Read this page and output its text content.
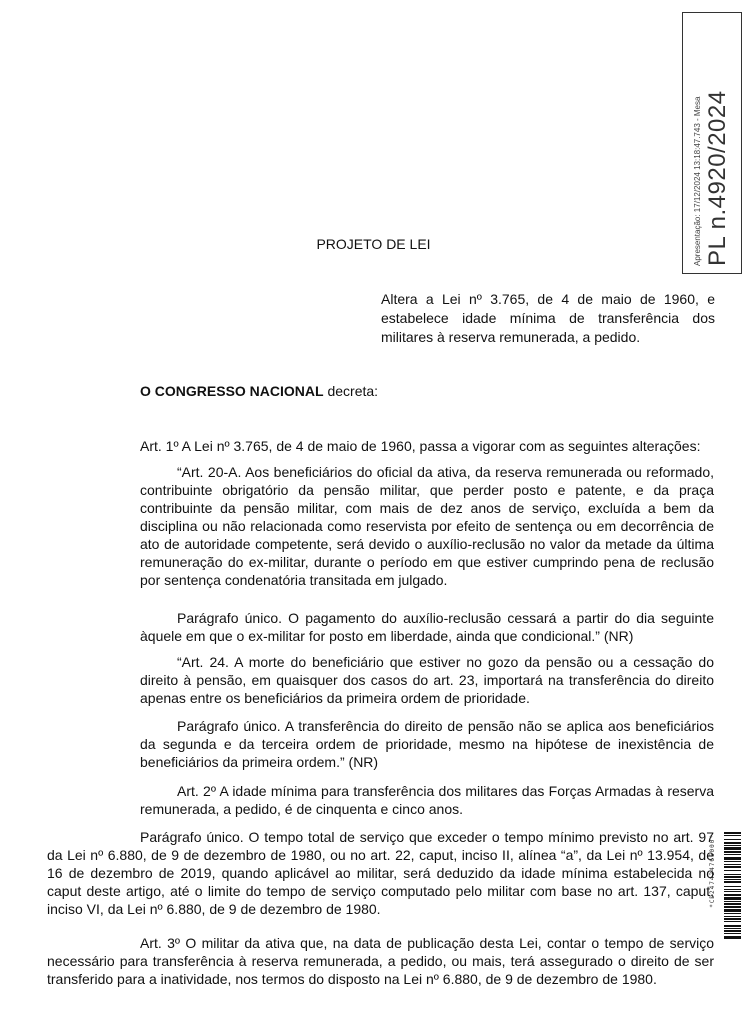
Apresentação: 17/12/2024 13:18:47.743 - Mesa PL n.4920/2024
PROJETO DE LEI
Altera a Lei nº 3.765, de 4 de maio de 1960, e estabelece idade mínima de transferência dos militares à reserva remunerada, a pedido.
O CONGRESSO NACIONAL decreta:
Art. 1º A Lei nº 3.765, de 4 de maio de 1960, passa a vigorar com as seguintes alterações:
“Art. 20-A. Aos beneficiários do oficial da ativa, da reserva remunerada ou reformado, contribuinte obrigatório da pensão militar, que perder posto e patente, e da praça contribuinte da pensão militar, com mais de dez anos de serviço, excluída a bem da disciplina ou não relacionada como reservista por efeito de sentença ou em decorrência de ato de autoridade competente, será devido o auxílio-reclusão no valor da metade da última remuneração do ex-militar, durante o período em que estiver cumprindo pena de reclusão por sentença condenatória transitada em julgado.
Parágrafo único. O pagamento do auxílio-reclusão cessará a partir do dia seguinte àquele em que o ex-militar for posto em liberdade, ainda que condicional.” (NR)
“Art. 24. A morte do beneficiário que estiver no gozo da pensão ou a cessação do direito à pensão, em quaisquer dos casos do art. 23, importará na transferência do direito apenas entre os beneficiários da primeira ordem de prioridade.
Parágrafo único. A transferência do direito de pensão não se aplica aos beneficiários da segunda e da terceira ordem de prioridade, mesmo na hipótese de inexistência de beneficiários da primeira ordem.” (NR)
Art. 2º A idade mínima para transferência dos militares das Forças Armadas à reserva remunerada, a pedido, é de cinquenta e cinco anos.
Parágrafo único. O tempo total de serviço que exceder o tempo mínimo previsto no art. 97 da Lei nº 6.880, de 9 de dezembro de 1980, ou no art. 22, caput, inciso II, alínea “a”, da Lei nº 13.954, de 16 de dezembro de 2019, quando aplicável ao militar, será deduzido da idade mínima estabelecida no caput deste artigo, até o limite do tempo de serviço computado pelo militar com base no art. 137, caput, inciso VI, da Lei nº 6.880, de 9 de dezembro de 1980.
Art. 3º O militar da ativa que, na data de publicação desta Lei, contar o tempo de serviço necessário para transferência à reserva remunerada, a pedido, ou mais, terá assegurado o direito de ser transferido para a inatividade, nos termos do disposto na Lei nº 6.880, de 9 de dezembro de 1980.
*CD247424766000*
